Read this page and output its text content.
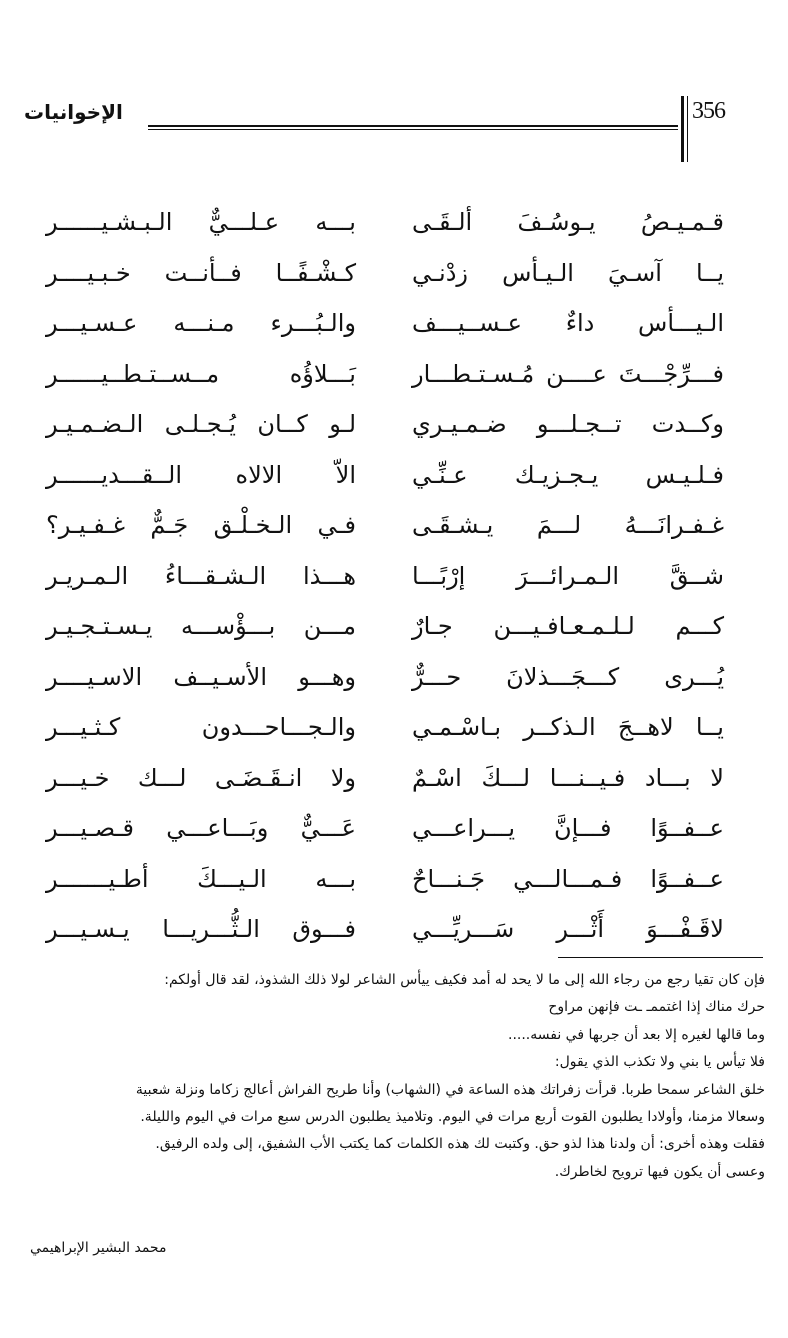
356
الإخوانيات
قـمـيـصُ يـوسُـفَ ألـقَـى
بـــه عـلـــيٌّ الـبـشـيــــــر
يــا آسـيَ الـيـأس زدْنـي
كـشْـفًــا فــأنــت خـبـيــــر
الـيـــأس داءٌ عـســيـــف
والـبُـــرء مـنـــه عـسـيـــر
فـــرِّجْـــتَ عــــن مُـسـتـطـــار
بَـــلاؤُه مــســتـطــيــــــر
وكــدت تــجـلـــو ضـمـيـري
لـو كــان يُـجـلـى الـضـمـيـر
فـلـيـس يـجـزيـك عـنِّـي
الاّ الالاه الــقـــديــــــر
غـفـرانَـــهُ لـــمَ يـشـقَـى
فـي الـخـلْـق جَـمٌّ غـفـيـر؟
شــقَّ الـمـرائـــرَ إرْبًـــا
هـــذا الـشـقـــاءُ الـمـريـر
كـــم لـلـمـعـافـيـــن جـارٌ
مـــن بـــؤْســـه يـسـتـجـيـر
يُـــرى كـــجَـــذلانَ حـــرٌّ
وهـــو الأسـيــف الاسـيــــر
يــا لاهــجَ الـذكــر بـاسْـمـي
والـجـــاحـــدون كـثـيـــر
لا بـــاد فـيــنـــا لـــكَ اسْـمٌ
ولا انـقَـضَـى لـــك خـيـــر
عــفــوًا فـــإنَّ يـــراعـــي
عَـــيٌّ وبَـــاعـــي قـصـيـــر
عــفــوًا فـمـــالـــي جَـنـــاحٌ
بـــه الـيـــكَ أطـيـــــــر
لاقَـفْـــوَ أَثْـــر سَـــريِّـــي
فـــوق الـثُّـــريـــا يـسـيـــر

فإن كان تقيا رجع من رجاء الله إلى ما لا يحد له أمد فكيف ييأس الشاعر لولا ذلك الشذوذ، لقد قال أولكم:

حرك مناك إذا اغتممـ ـت فإنهن مراوح

وما قالها لغيره إلا بعد أن جربها في نفسه.....

فلا تيأس يا بني ولا تكذب الذي يقول:

خلق الشاعر سمحا طربا. قرأت زفراتك هذه الساعة في (الشهاب) وأنا طريح الفراش أعالج زكاما ونزلة شعبية

وسعالا مزمنا، وأولادا يطلبون القوت أربع مرات في اليوم. وتلاميذ يطلبون الدرس سبع مرات في اليوم والليلة.

فقلت وهذه أخرى: أن ولدنا هذا لذو حق. وكتبت لك هذه الكلمات كما يكتب الأب الشفيق، إلى ولده الرفيق.

وعسى أن يكون فيها ترويح لخاطرك.

محمد البشير الإبراهيمي
